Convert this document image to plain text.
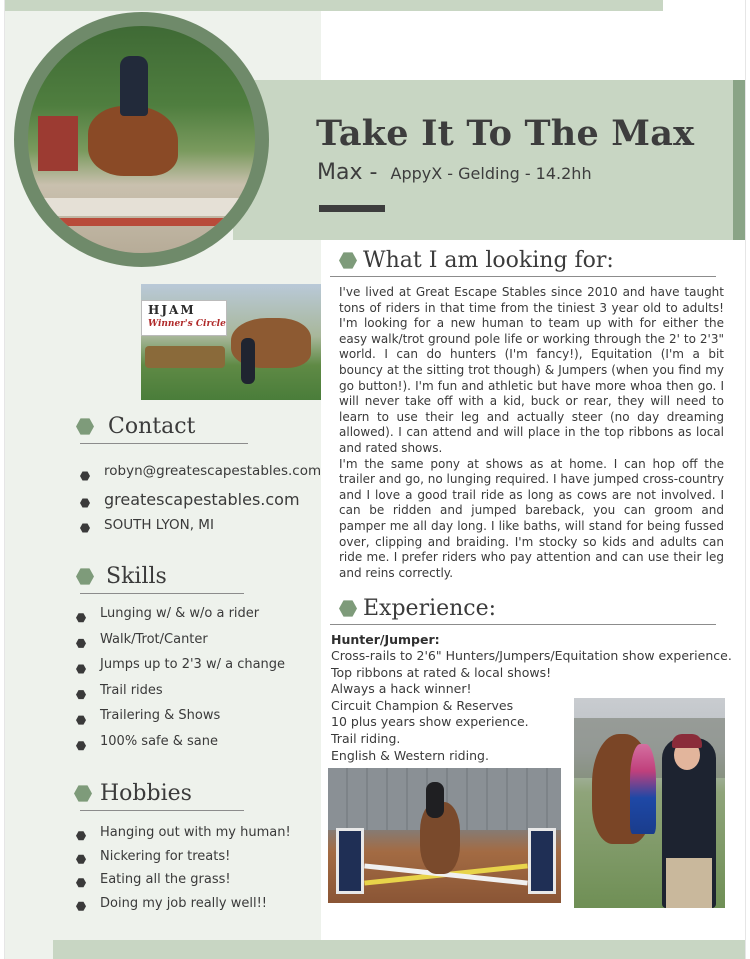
Take It To The Max
Max - AppyX - Gelding - 14.2hh
HJAM
Winner's Circle
Contact
robyn@greatescapestables.com
greatescapestables.com
SOUTH LYON, MI
Skills
Lunging w/ & w/o a rider
Walk/Trot/Canter
Jumps up to 2'3 w/ a change
Trail rides
Trailering & Shows
100% safe & sane
Hobbies
Hanging out with my human!
Nickering for treats!
Eating all the grass!
Doing my job really well!!
What I am looking for:

I've lived at Great Escape Stables since 2010 and have taught tons of riders in that time from the tiniest 3 year old to adults! I'm looking for a new human to team up with for either the easy walk/trot ground pole life or working through the 2' to 2'3" world. I can do hunters (I'm fancy!), Equitation (I'm a bit bouncy at the sitting trot though) & Jumpers (when you find my go button!). I'm fun and athletic but have more whoa then go. I will never take off with a kid, buck or rear, they will need to learn to use their leg and actually steer (no day dreaming allowed). I can attend and will place in the top ribbons as local and rated shows.

I'm the same pony at shows as at home. I can hop off the trailer and go, no lunging required. I have jumped cross-country and I love a good trail ride as long as cows are not involved. I can be ridden and jumped bareback, you can groom and pamper me all day long. I like baths, will stand for being fussed over, clipping and braiding. I'm stocky so kids and adults can ride me. I prefer riders who pay attention and can use their leg and reins correctly.

Experience:
Hunter/Jumper:
Cross-rails to 2'6" Hunters/Jumpers/Equitation show experience.
Top ribbons at rated & local shows!
Always a hack winner!
Circuit Champion & Reserves
10 plus years show experience.
Trail riding.
English & Western riding.
